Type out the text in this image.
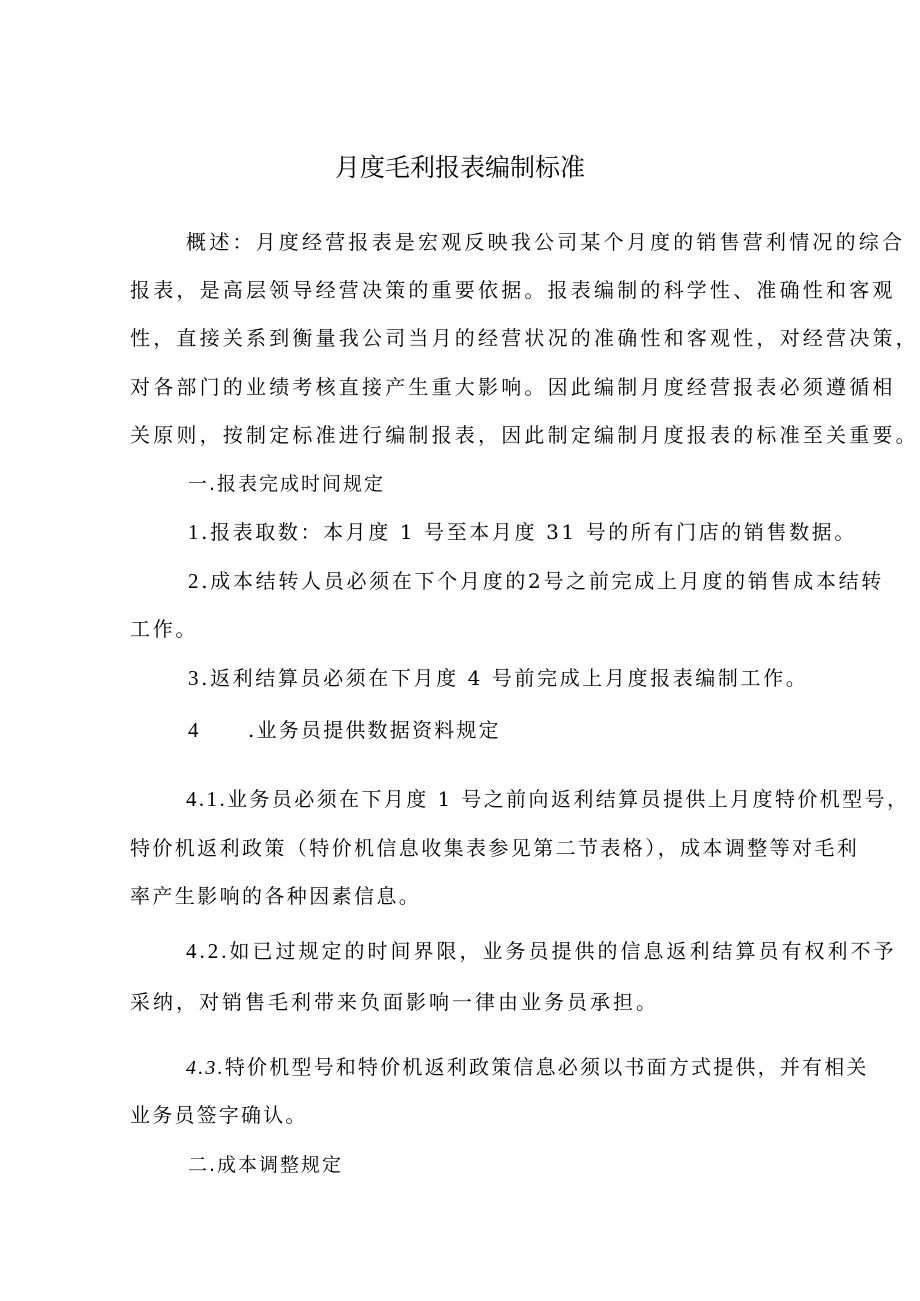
月度毛利报表编制标准
概述：月度经营报表是宏观反映我公司某个月度的销售营利情况的综合
报表，是高层领导经营决策的重要依据。报表编制的科学性、准确性和客观
性，直接关系到衡量我公司当月的经营状况的准确性和客观性，对经营决策，
对各部门的业绩考核直接产生重大影响。因此编制月度经营报表必须遵循相
关原则，按制定标准进行编制报表，因此制定编制月度报表的标准至关重要。
一.报表完成时间规定
1.报表取数：本月度 1 号至本月度 31 号的所有门店的销售数据。
2.成本结转人员必须在下个月度的2号之前完成上月度的销售成本结转
工作。
3.返利结算员必须在下月度 4 号前完成上月度报表编制工作。
4 .业务员提供数据资料规定
4.1.业务员必须在下月度 1 号之前向返利结算员提供上月度特价机型号，
特价机返利政策（特价机信息收集表参见第二节表格），成本调整等对毛利
率产生影响的各种因素信息。
4.2.如已过规定的时间界限，业务员提供的信息返利结算员有权利不予
采纳，对销售毛利带来负面影响一律由业务员承担。
4.3.特价机型号和特价机返利政策信息必须以书面方式提供，并有相关
业务员签字确认。
二.成本调整规定
